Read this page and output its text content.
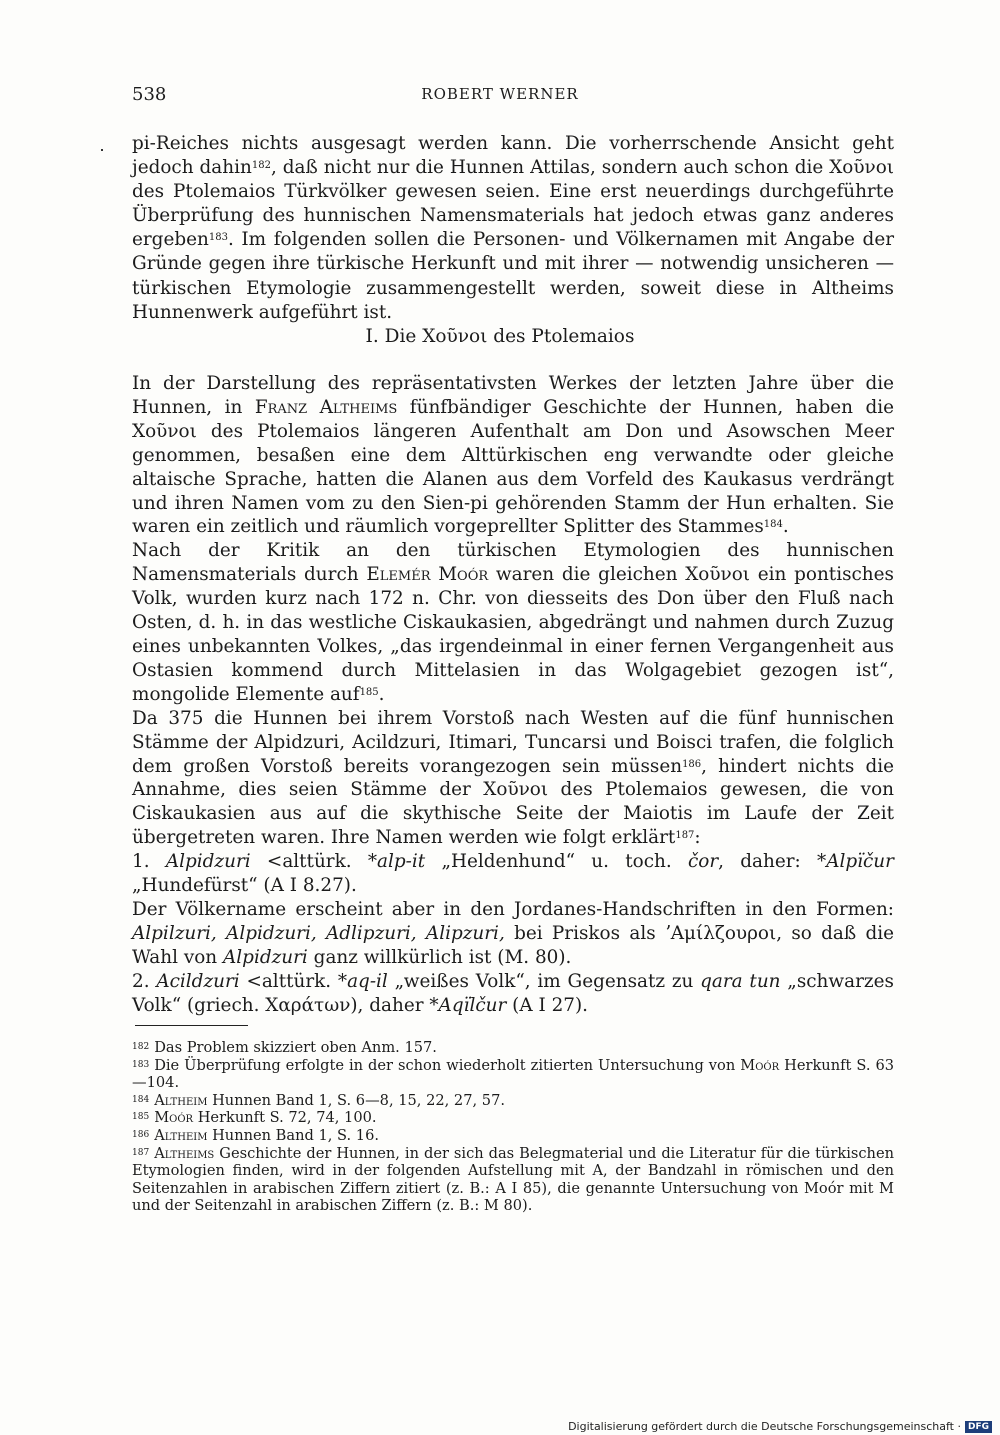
538	ROBERT WERNER

pi-Reiches nichts ausgesagt werden kann. Die vorherrschende Ansicht geht jedoch dahin$^{182}$, daß nicht nur die Hunnen Attilas, sondern auch schon die Χοῦνοι des Ptolemaios Türkvölker gewesen seien. Eine erst neuerdings durchgeführte Überprüfung des hunnischen Namensmaterials hat jedoch etwas ganz anderes ergeben$^{183}$. Im folgenden sollen die Personen- und Völkernamen mit Angabe der Gründe gegen ihre türkische Herkunft und mit ihrer — notwendig unsicheren — türkischen Etymologie zusammengestellt werden, soweit diese in Altheims Hunnenwerk aufgeführt ist.

I. Die Χοῦνοι des Ptolemaios

In der Darstellung des repräsentativsten Werkes der letzten Jahre über die Hunnen, in Franz Altheims fünfbändiger Geschichte der Hunnen, haben die Χοῦνοι des Ptolemaios längeren Aufenthalt am Don und Asowschen Meer genommen, besaßen eine dem Alttürkischen eng verwandte oder gleiche altaische Sprache, hatten die Alanen aus dem Vorfeld des Kaukasus verdrängt und ihren Namen vom zu den Sien-pi gehörenden Stamm der Hun erhalten. Sie waren ein zeitlich und räumlich vorgeprellter Splitter des Stammes$^{184}$.

Nach der Kritik an den türkischen Etymologien des hunnischen Namensmaterials durch Elemér Moór waren die gleichen Χοῦνοι ein pontisches Volk, wurden kurz nach 172 n. Chr. von diesseits des Don über den Fluß nach Osten, d. h. in das westliche Ciskaukasien, abgedrängt und nahmen durch Zuzug eines unbekannten Volkes, „das irgendeinmal in einer fernen Vergangenheit aus Ostasien kommend durch Mittelasien in das Wolgagebiet gezogen ist“, mongolide Elemente auf$^{185}$.

Da 375 die Hunnen bei ihrem Vorstoß nach Westen auf die fünf hunnischen Stämme der Alpidzuri, Acildzuri, Itimari, Tuncarsi und Boisci trafen, die folglich dem großen Vorstoß bereits vorangezogen sein müssen$^{186}$, hindert nichts die Annahme, dies seien Stämme der Χοῦνοι des Ptolemaios gewesen, die von Ciskaukasien aus auf die skythische Seite der Maiotis im Laufe der Zeit übergetreten waren. Ihre Namen werden wie folgt erklärt$^{187}$:

1. Alpidzuri <alttürk. *alp-it „Heldenhund“ u. toch. čor, daher: *Alpïčur „Hundefürst“ (A I 8.27).

Der Völkername erscheint aber in den Jordanes-Handschriften in den Formen: Alpilzuri, Alpidzuri, Adlipzuri, Alipzuri, bei Priskos als ʼΑμίλζουροι, so daß die Wahl von Alpidzuri ganz willkürlich ist (M. 80).

2. Acildzuri <alttürk. *aq-il „weißes Volk“, im Gegensatz zu qara tun „schwarzes Volk“ (griech. Χαράτων), daher *Aqïlčur (A I 27).

$^{182}$ Das Problem skizziert oben Anm. 157.

$^{183}$ Die Überprüfung erfolgte in der schon wiederholt zitierten Untersuchung von Moór Herkunft S. 63—104.

$^{184}$ Altheim Hunnen Band 1, S. 6—8, 15, 22, 27, 57.

$^{185}$ Moór Herkunft S. 72, 74, 100.

$^{186}$ Altheim Hunnen Band 1, S. 16.

$^{187}$ Altheims Geschichte der Hunnen, in der sich das Belegmaterial und die Literatur für die türkischen Etymologien finden, wird in der folgenden Aufstellung mit A, der Bandzahl in römischen und den Seitenzahlen in arabischen Ziffern zitiert (z. B.: A I 85), die genannte Untersuchung von Moór mit M und der Seitenzahl in arabischen Ziffern (z. B.: M 80).

Digitalisierung gefördert durch die Deutsche Forschungsgemeinschaft · DFG
